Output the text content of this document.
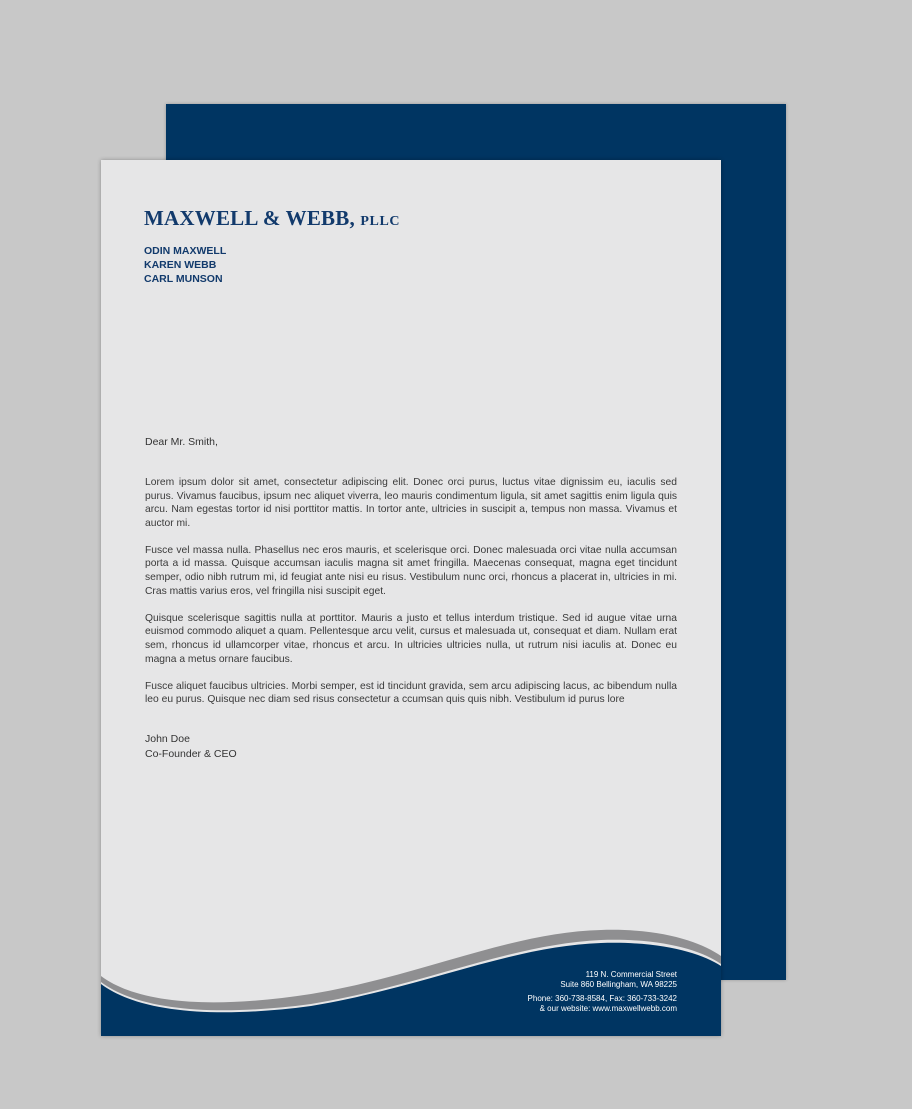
MAXWELL & WEBB, PLLC
ODIN MAXWELL
KAREN WEBB
CARL MUNSON
Dear Mr. Smith,

Lorem ipsum dolor sit amet, consectetur adipiscing elit. Donec orci purus, luctus vitae dignissim eu, iaculis sed purus. Vivamus faucibus, ipsum nec aliquet viverra, leo mauris condimentum ligula, sit amet sagittis enim ligula quis arcu. Nam egestas tortor id nisi porttitor mattis. In tortor ante, ultricies in suscipit a, tempus non massa. Vivamus et auctor mi.

Fusce vel massa nulla. Phasellus nec eros mauris, et scelerisque orci. Donec malesuada orci vitae nulla accumsan porta a id massa. Quisque accumsan iaculis magna sit amet fringilla. Maecenas consequat, magna eget tincidunt semper, odio nibh rutrum mi, id feugiat ante nisi eu risus. Vestibulum nunc orci, rhoncus a placerat in, ultricies in mi. Cras mattis varius eros, vel fringilla nisi suscipit eget.

Quisque scelerisque sagittis nulla at porttitor. Mauris a justo et tellus interdum tristique. Sed id augue vitae urna euismod commodo aliquet a quam. Pellentesque arcu velit, cursus et malesuada ut, consequat et diam. Nullam erat sem, rhoncus id ullamcorper vitae, rhoncus et arcu. In ultricies ultricies nulla, ut rutrum nisi iaculis at. Donec eu magna a metus ornare faucibus.

Fusce aliquet faucibus ultricies. Morbi semper, est id tincidunt gravida, sem arcu adipiscing lacus, ac bibendum nulla leo eu purus. Quisque nec diam sed risus consectetur a ccumsan quis quis nibh. Vestibulum id purus lore

John Doe
Co-Founder & CEO
119 N. Commercial Street
Suite 860 Bellingham, WA 98225
Phone: 360-738-8584, Fax: 360-733-3242
& our website: www.maxwellwebb.com
